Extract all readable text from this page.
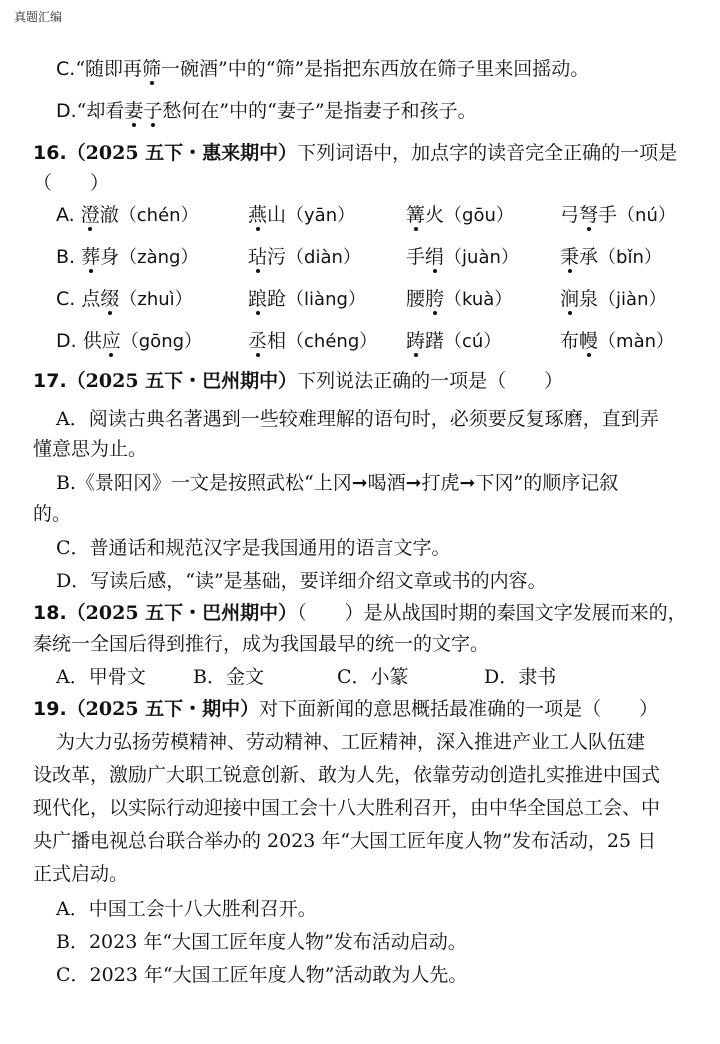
真题汇编
C.“随即再筛一碗酒”中的“筛”是指把东西放在筛子里来回摇动。
D.“却看妻子愁何在”中的“妻子”是指妻子和孩子。
16.（2025 五下・惠来期中）下列词语中，加点字的读音完全正确的一项是
（　　）
A. 澄澈（chén）	燕山（yān）	篝火（gōu） 弓弩手（nú）
B. 葬身（zàng）	玷污（diàn） 手绢（juàn） 秉承（bǐn）
C. 点缀（zhuì）	踉跄（liàng） 腰胯（kuà）	涧泉（jiàn）
D. 供应（gōng） 丞相（chéng） 踌躇（cú）	布幔（màn）
17.（2025 五下・巴州期中）下列说法正确的一项是（　　）
A．阅读古典名著遇到一些较难理解的语句时，必须要反复琢磨，直到弄
懂意思为止。
B.《景阳冈》一文是按照武松“上冈➞喝酒➞打虎➞下冈”的顺序记叙
的。
C．普通话和规范汉字是我国通用的语言文字。
D．写读后感，“读”是基础，要详细介绍文章或书的内容。
18.（2025 五下・巴州期中）（　　）是从战国时期的秦国文字发展而来的，
秦统一全国后得到推行，成为我国最早的统一的文字。
A．甲骨文 B．金文	C．小篆	D．隶书
19.（2025 五下・期中）对下面新闻的意思概括最准确的一项是（　　）
为大力弘扬劳模精神、劳动精神、工匠精神，深入推进产业工人队伍建
设改革，激励广大职工锐意创新、敢为人先，依靠劳动创造扎实推进中国式
现代化，以实际行动迎接中国工会十八大胜利召开，由中华全国总工会、中
央广播电视总台联合举办的 2023 年“大国工匠年度人物”发布活动，25 日
正式启动。
A．中国工会十八大胜利召开。
B．2023 年“大国工匠年度人物”发布活动启动。
C．2023 年“大国工匠年度人物”活动敢为人先。
